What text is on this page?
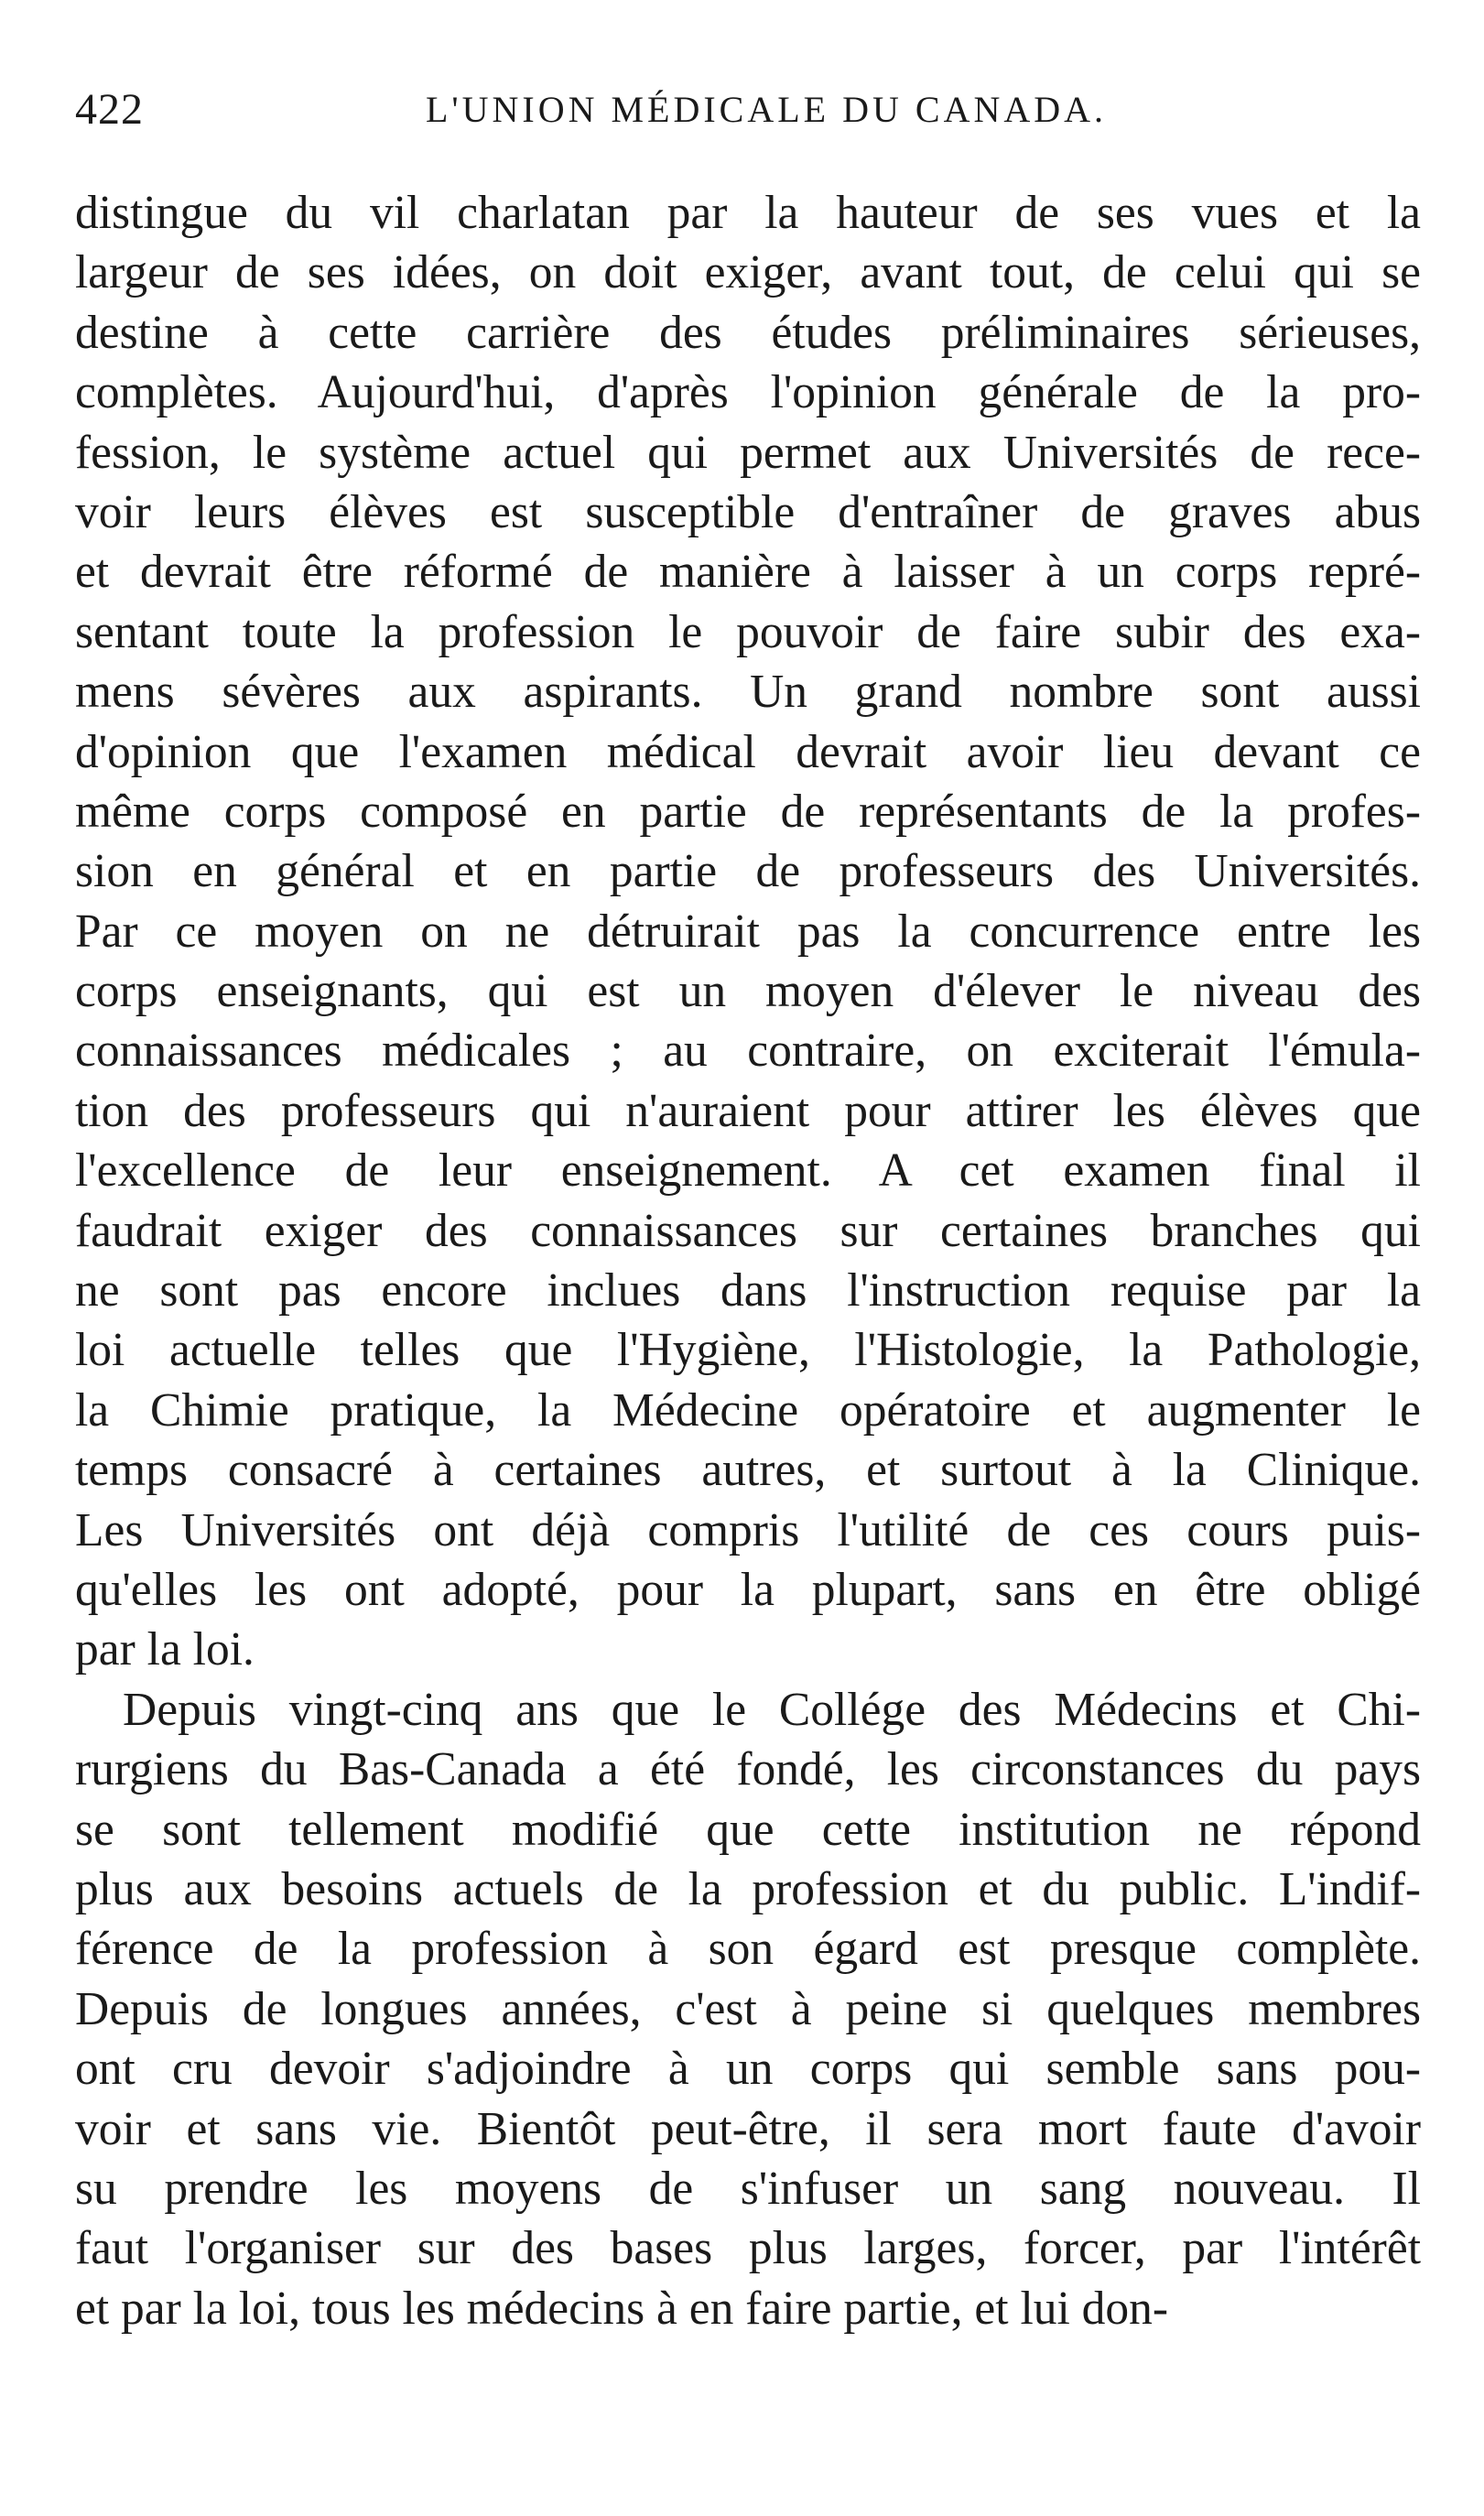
422	L'UNION MÉDICALE DU CANADA.
distingue du vil charlatan par la hauteur de ses vues et la
largeur de ses idées, on doit exiger, avant tout, de celui qui se
destine à cette carrière des études préliminaires sérieuses,
complètes. Aujourd'hui, d'après l'opinion générale de la pro-
fession, le système actuel qui permet aux Universités de rece-
voir leurs élèves est susceptible d'entraîner de graves abus
et devrait être réformé de manière à laisser à un corps repré-
sentant toute la profession le pouvoir de faire subir des exa-
mens sévères aux aspirants. Un grand nombre sont aussi
d'opinion que l'examen médical devrait avoir lieu devant ce
même corps composé en partie de représentants de la profes-
sion en général et en partie de professeurs des Universités.
Par ce moyen on ne détruirait pas la concurrence entre les
corps enseignants, qui est un moyen d'élever le niveau des
connaissances médicales ; au contraire, on exciterait l'émula-
tion des professeurs qui n'auraient pour attirer les élèves que
l'excellence de leur enseignement. A cet examen final il
faudrait exiger des connaissances sur certaines branches qui
ne sont pas encore inclues dans l'instruction requise par la
loi actuelle telles que l'Hygiène, l'Histologie, la Pathologie,
la Chimie pratique, la Médecine opératoire et augmenter le
temps consacré à certaines autres, et surtout à la Clinique.
Les Universités ont déjà compris l'utilité de ces cours puis-
qu'elles les ont adopté, pour la plupart, sans en être obligé
par la loi.
Depuis vingt-cinq ans que le Collége des Médecins et Chi-
rurgiens du Bas-Canada a été fondé, les circonstances du pays
se sont tellement modifié que cette institution ne répond
plus aux besoins actuels de la profession et du public. L'indif-
férence de la profession à son égard est presque complète.
Depuis de longues années, c'est à peine si quelques membres
ont cru devoir s'adjoindre à un corps qui semble sans pou-
voir et sans vie. Bientôt peut-être, il sera mort faute d'avoir
su prendre les moyens de s'infuser un sang nouveau. Il
faut l'organiser sur des bases plus larges, forcer, par l'intérêt
et par la loi, tous les médecins à en faire partie, et lui don-
